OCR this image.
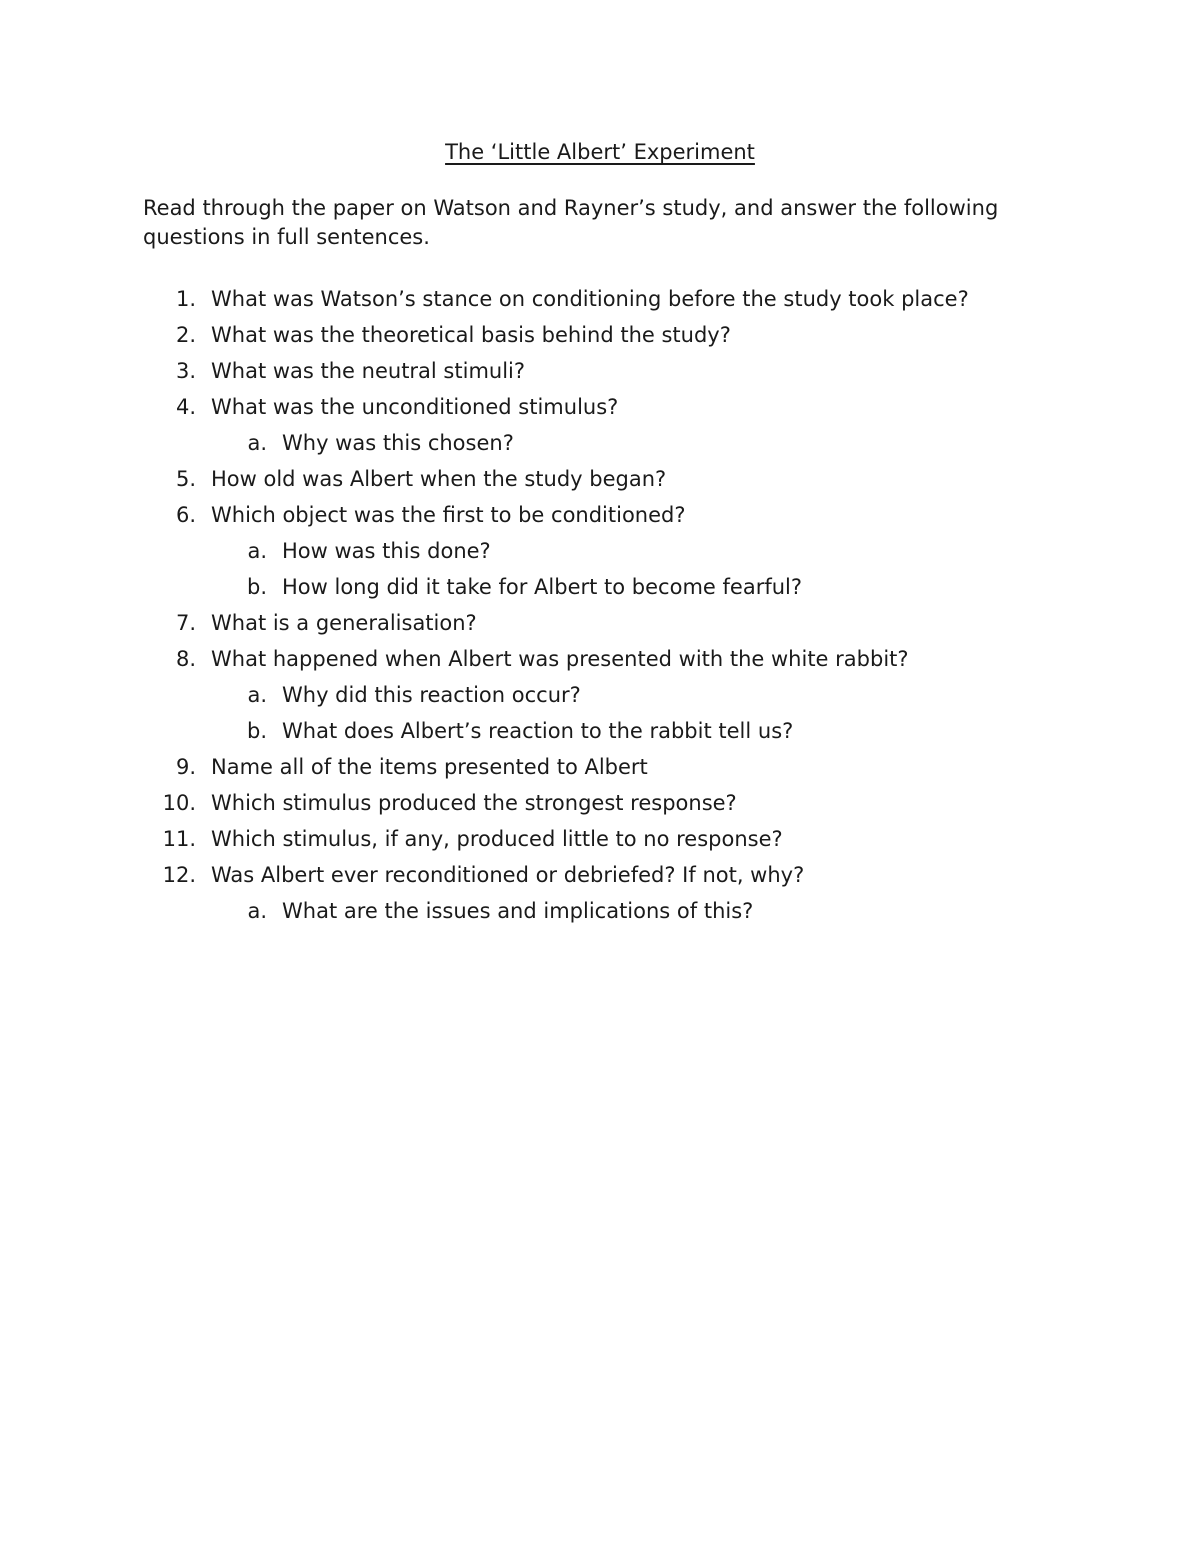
The ‘Little Albert’ Experiment
Read through the paper on Watson and Rayner’s study, and answer the following questions in full sentences.
1. What was Watson’s stance on conditioning before the study took place?
2. What was the theoretical basis behind the study?
3. What was the neutral stimuli?
4. What was the unconditioned stimulus?
a. Why was this chosen?
5. How old was Albert when the study began?
6. Which object was the first to be conditioned?
a. How was this done?
b. How long did it take for Albert to become fearful?
7. What is a generalisation?
8. What happened when Albert was presented with the white rabbit?
a. Why did this reaction occur?
b. What does Albert’s reaction to the rabbit tell us?
9. Name all of the items presented to Albert
10. Which stimulus produced the strongest response?
11. Which stimulus, if any, produced little to no response?
12. Was Albert ever reconditioned or debriefed? If not, why?
a. What are the issues and implications of this?
